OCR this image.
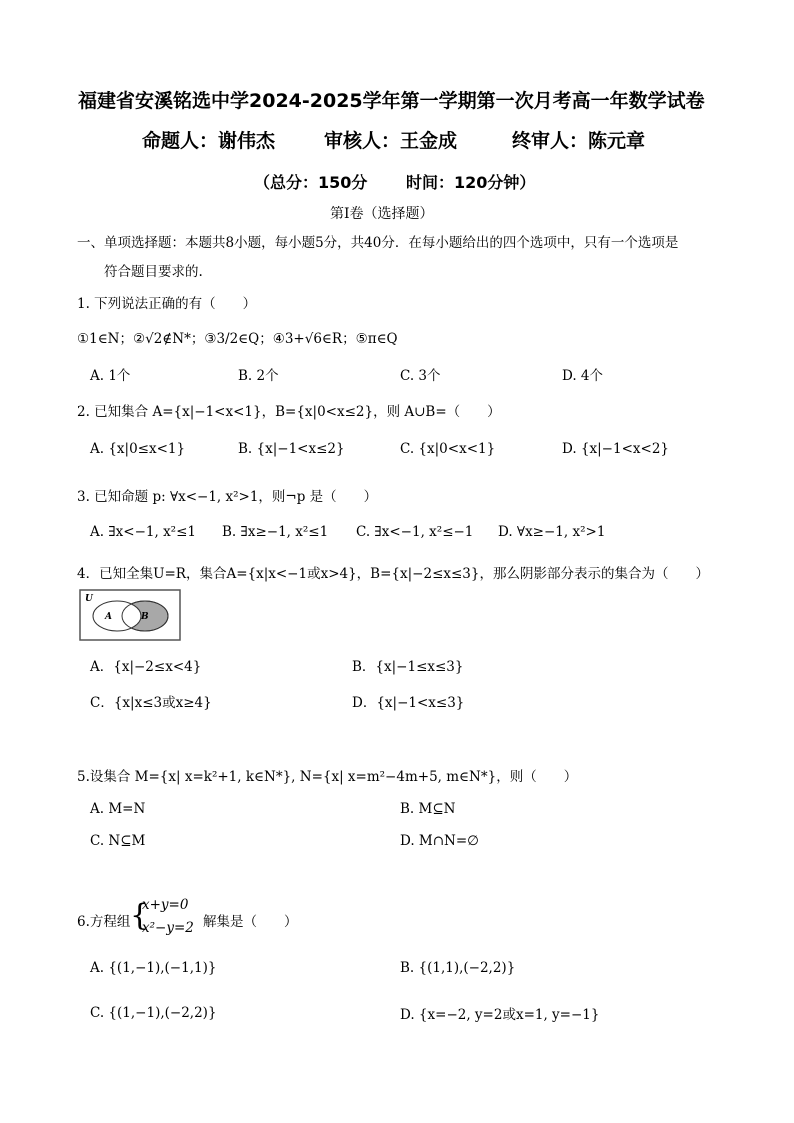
福建省安溪铭选中学2024-2025学年第一学期第一次月考高一年数学试卷
命题人：谢伟杰	审核人：王金成	终审人：陈元章
（总分：150分 时间：120分钟）
第Ⅰ卷（选择题）
一、单项选择题：本题共8小题，每小题5分，共40分．在每小题给出的四个选项中，只有一个选项是
符合题目要求的.
1. 下列说法正确的有（　　）
①1∈N；②√2∉N*；③3/2∈Q；④3+√6∈R；⑤π∈Q
A. 1个	B. 2个	C. 3个	D. 4个
2. 已知集合 A={x|−1<x<1}，B={x|0<x≤2}，则 A∪B=（　　）
A. {x|0≤x<1}	B. {x|−1<x≤2}	C. {x|0<x<1}	D. {x|−1<x<2}
3. 已知命题 p: ∀x<−1, x²>1，则¬p 是（　　）
A. ∃x<−1, x²≤1 B. ∃x≥−1, x²≤1 C. ∃x<−1, x²≤−1 D. ∀x≥−1, x²>1
4．已知全集U=R，集合A={x|x<−1或x>4}，B={x|−2≤x≤3}，那么阴影部分表示的集合为（　　）
U
A	B
A．{x|−2≤x<4}	B．{x|−1≤x≤3}
C．{x|x≤3或x≥4}	D．{x|−1<x≤3}
5.设集合 M={x| x=k²+1, k∈N*}, N={x| x=m²−4m+5, m∈N*}，则（　　）
A. M=N	B. M⊆N
C. N⊆M	D. M∩N=∅
6.方程组 {
x+y=0
x²−y=2 解集是（　　）
A. {(1,−1),(−1,1)}	B. {(1,1),(−2,2)}
C. {(1,−1),(−2,2)}	D. {x=−2, y=2或x=1, y=−1}
